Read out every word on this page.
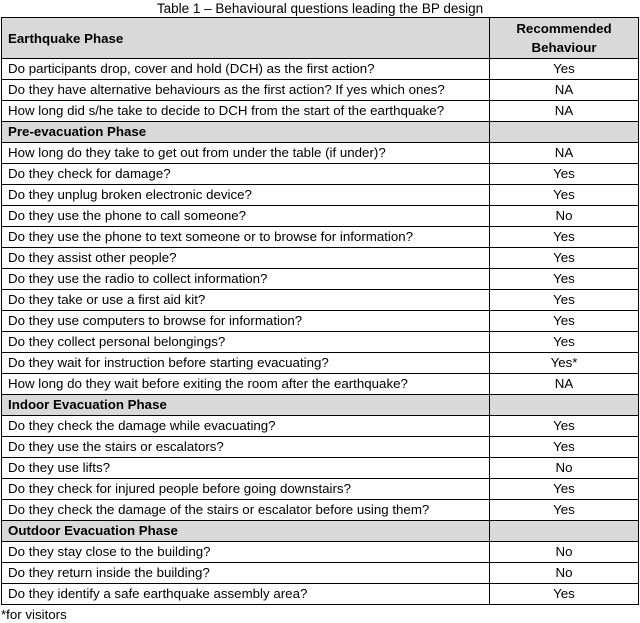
Table 1 – Behavioural questions leading the BP design
Earthquake Phase	Recommended
Behaviour
Do participants drop, cover and hold (DCH) as the first action?	Yes
Do they have alternative behaviours as the first action? If yes which ones?	NA
How long did s/he take to decide to DCH from the start of the earthquake?	NA
Pre-evacuation Phase	
How long do they take to get out from under the table (if under)?	NA
Do they check for damage?	Yes
Do they unplug broken electronic device?	Yes
Do they use the phone to call someone?	No
Do they use the phone to text someone or to browse for information?	Yes
Do they assist other people?	Yes
Do they use the radio to collect information?	Yes
Do they take or use a first aid kit?	Yes
Do they use computers to browse for information?	Yes
Do they collect personal belongings?	Yes
Do they wait for instruction before starting evacuating?	Yes*
How long do they wait before exiting the room after the earthquake?	NA
Indoor Evacuation Phase	
Do they check the damage while evacuating?	Yes
Do they use the stairs or escalators?	Yes
Do they use lifts?	No
Do they check for injured people before going downstairs?	Yes
Do they check the damage of the stairs or escalator before using them?	Yes
Outdoor Evacuation Phase	
Do they stay close to the building?	No
Do they return inside the building?	No
Do they identify a safe earthquake assembly area?	Yes
*for visitors
